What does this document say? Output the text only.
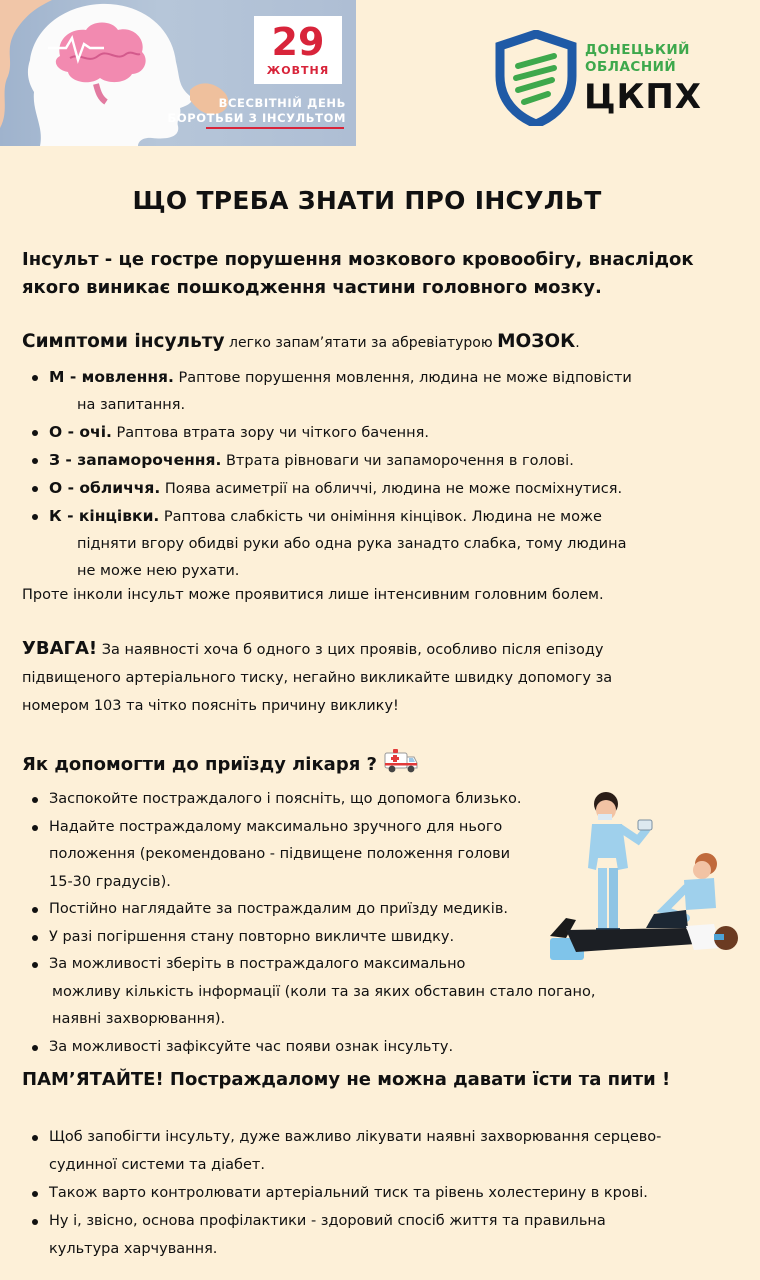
29
ЖОВТНЯ
ВСЕСВІТНІЙ ДЕНЬ
БОРОТЬБИ З ІНСУЛЬТОМ
ДОНЕЦЬКИЙ
ОБЛАСНИЙ
ЦКПХ
ЩО ТРЕБА ЗНАТИ ПРО ІНСУЛЬТ
Інсульт - це гостре порушення мозкового кровообігу, внаслідок якого виникає пошкодження частини головного мозку.
Симптоми інсульту легко запам’ятати за абревіатурою МОЗОК.
М - мовлення. Раптове порушення мовлення, людина не може відповісти
на запитання.
О - очі. Раптова втрата зору чи чіткого бачення.
З - запаморочення. Втрата рівноваги чи запаморочення в голові.
О - обличчя. Поява асиметрії на обличчі, людина не може посміхнутися.
К - кінцівки. Раптова слабкість чи оніміння кінцівок. Людина не може
підняти вгору обидві руки або одна рука занадто слабка, тому людина
не може нею рухати.
Проте інколи інсульт може проявитися лише інтенсивним головним болем.
УВАГА! За наявності хоча б одного з цих проявів, особливо після епізоду
підвищеного артеріального тиску, негайно викликайте швидку допомогу за
номером 103 та чітко поясніть причину виклику!
Як допомогти до приїзду лікаря ?
Заспокойте постраждалого і поясніть, що допомога близько.
Надайте постраждалому максимально зручного для нього
положення (рекомендовано - підвищене положення голови
15-30 градусів).
Постійно наглядайте за постраждалим до приїзду медиків.
У разі погіршення стану повторно викличте швидку.
За можливості зберіть в постраждалого максимально
можливу кількість інформації (коли та за яких обставин стало погано,
наявні захворювання).
За можливості зафіксуйте час появи ознак інсульту.
ПАМ’ЯТАЙТЕ! Постраждалому не можна давати їсти та пити !
Щоб запобігти інсульту, дуже важливо лікувати наявні захворювання серцево-
судинної системи та діабет.
Також варто контролювати артеріальний тиск та рівень холестерину в крові.
Ну і, звісно, основа профілактики - здоровий спосіб життя та правильна
культура харчування.
